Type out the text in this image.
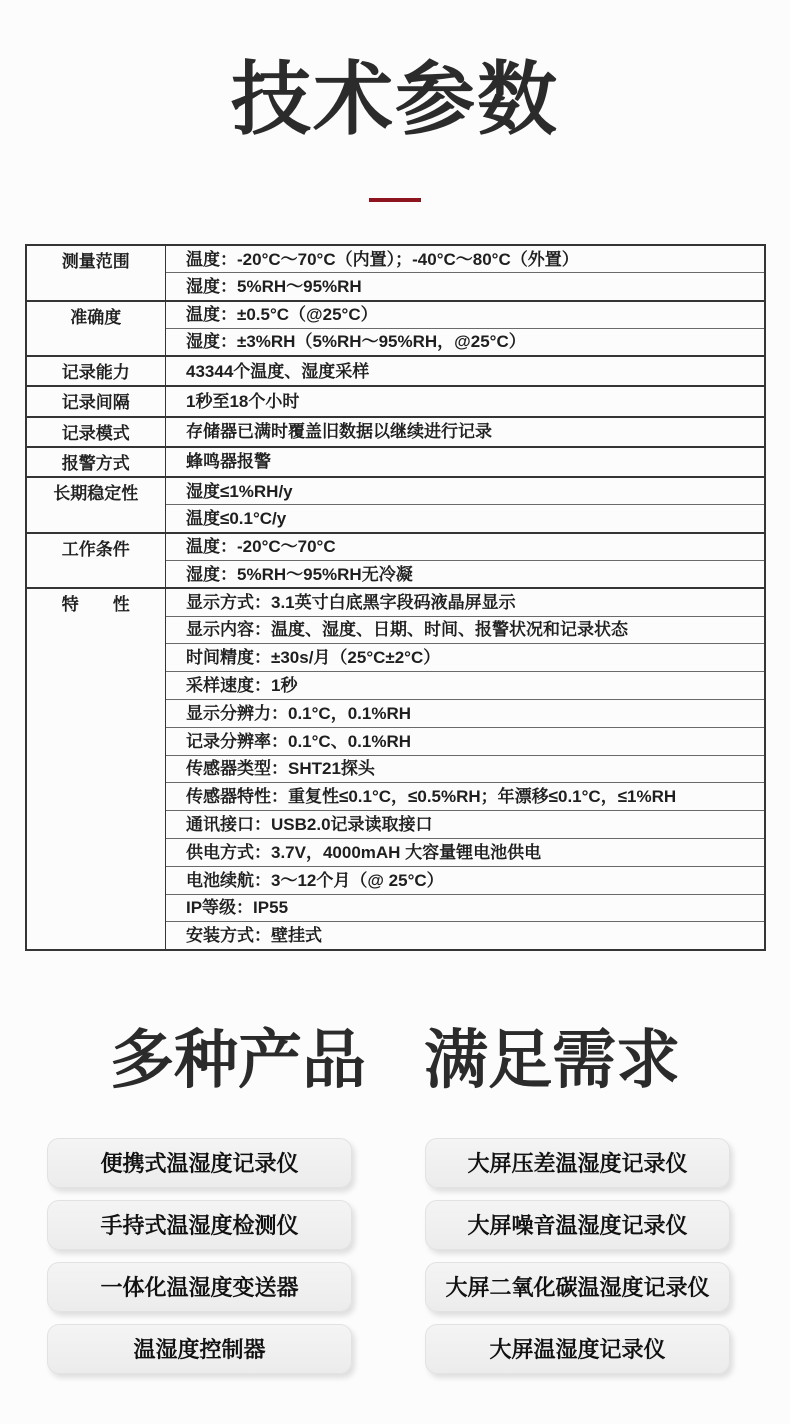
技术参数
测量范围	温度：-20°C～70°C（内置）；-40°C～80°C（外置）
	湿度：5%RH～95%RH
准确度	温度：±0.5°C（@25°C）
	湿度：±3%RH（5%RH～95%RH，@25°C）
记录能力	43344个温度、湿度采样
记录间隔	1秒至18个小时
记录模式	存储器已满时覆盖旧数据以继续进行记录
报警方式	蜂鸣器报警
长期稳定性	湿度≤1%RH/y
	温度≤0.1°C/y
工作条件	温度：-20°C～70°C
	湿度：5%RH～95%RH无冷凝
特　　性	显示方式：3.1英寸白底黑字段码液晶屏显示
	显示内容：温度、湿度、日期、时间、报警状况和记录状态
	时间精度：±30s/月（25°C±2°C）
	采样速度：1秒
	显示分辨力：0.1°C，0.1%RH
	记录分辨率：0.1°C、0.1%RH
	传感器类型：SHT21探头
	传感器特性：重复性≤0.1°C，≤0.5%RH；年漂移≤0.1°C，≤1%RH
	通讯接口：USB2.0记录读取接口
	供电方式：3.7V，4000mAH 大容量锂电池供电
	电池续航：3～12个月（@ 25°C）
	IP等级：IP55
	安装方式：壁挂式
多种产品 满足需求
便携式温湿度记录仪
手持式温湿度检测仪
一体化温湿度变送器
温湿度控制器
大屏压差温湿度记录仪
大屏噪音温湿度记录仪
大屏二氧化碳温湿度记录仪
大屏温湿度记录仪
